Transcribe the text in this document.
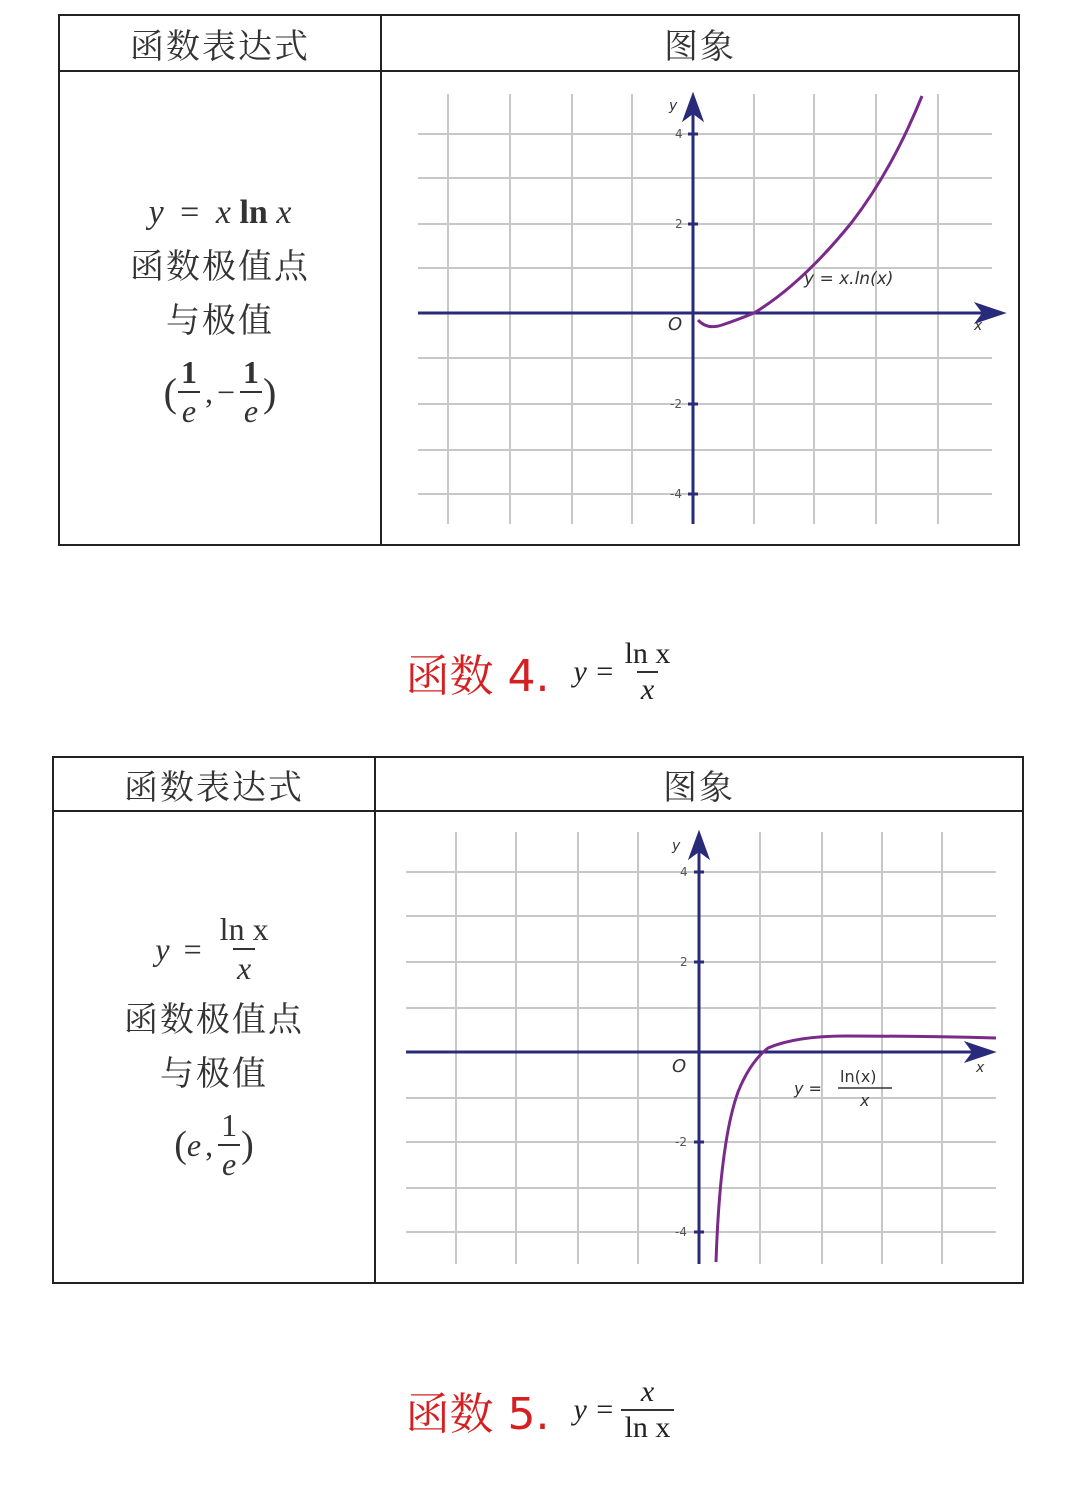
函数表达式	图象
y = x ln x
函数极值点
与极值
( $\frac{1}{e}$ , − $\frac{1}{e}$ )
y
x
O
4
2
-2
-4
y = x.ln(x)
函数 4. $y = \frac{\text{ln x}}{x}$
函数表达式	图象
$y = \frac{\text{ln x}}{x}$
函数极值点
与极值
( e , $\frac{1}{e}$ )
y
x
O
4
2
-2
-4
y =
ln(x)
x
函数 5. $y = \frac{x}{\text{ln x}}$
